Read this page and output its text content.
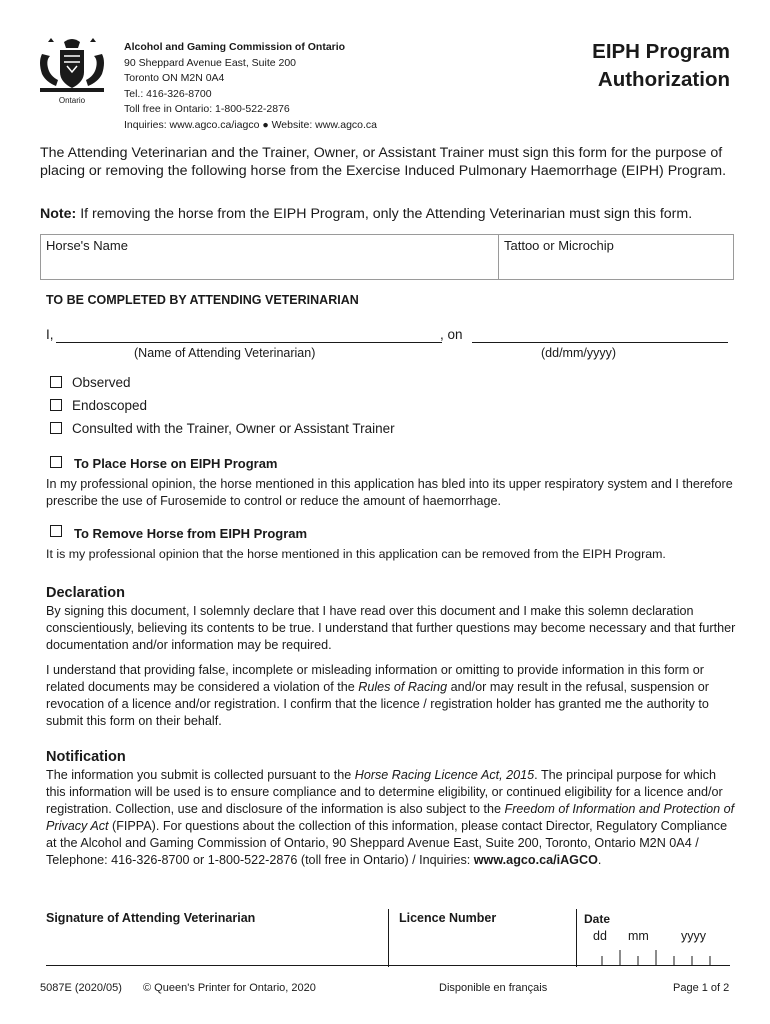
Ontario
Alcohol and Gaming Commission of Ontario
90 Sheppard Avenue East, Suite 200
Toronto ON M2N 0A4
Tel.: 416-326-8700
Toll free in Ontario: 1-800-522-2876
Inquiries: www.agco.ca/iagco ● Website: www.agco.ca
EIPH Program
Authorization
The Attending Veterinarian and the Trainer, Owner, or Assistant Trainer must sign this form for the purpose of placing or removing the following horse from the Exercise Induced Pulmonary Haemorrhage (EIPH) Program.
Note: If removing the horse from the EIPH Program, only the Attending Veterinarian must sign this form.
Horse's Name	Tattoo or Microchip
TO BE COMPLETED BY ATTENDING VETERINARIAN
I,	, on
(Name of Attending Veterinarian)	(dd/mm/yyyy)
Observed
Endoscoped
Consulted with the Trainer, Owner or Assistant Trainer
To Place Horse on EIPH Program
In my professional opinion, the horse mentioned in this application has bled into its upper respiratory system and I therefore prescribe the use of Furosemide to control or reduce the amount of haemorrhage.
To Remove Horse from EIPH Program
It is my professional opinion that the horse mentioned in this application can be removed from the EIPH Program.
Declaration
By signing this document, I solemnly declare that I have read over this document and I make this solemn declaration conscientiously, believing its contents to be true. I understand that further questions may become necessary and that further documentation and/or information may be required.
I understand that providing false, incomplete or misleading information or omitting to provide information in this form or related documents may be considered a violation of the Rules of Racing and/or may result in the refusal, suspension or revocation of a licence and/or registration. I confirm that the licence / registration holder has granted me the authority to submit this form on their behalf.
Notification
The information you submit is collected pursuant to the Horse Racing Licence Act, 2015. The principal purpose for which this information will be used is to ensure compliance and to determine eligibility, or continued eligibility for a licence and/or registration. Collection, use and disclosure of the information is also subject to the Freedom of Information and Protection of Privacy Act (FIPPA). For questions about the collection of this information, please contact Director, Regulatory Compliance at the Alcohol and Gaming Commission of Ontario, 90 Sheppard Avenue East, Suite 200, Toronto, Ontario M2N 0A4 / Telephone: 416-326-8700 or 1-800-522-2876 (toll free in Ontario) / Inquiries: www.agco.ca/iAGCO.
Signature of Attending Veterinarian	Licence Number	Date
dd mm	yyyy
5087E (2020/05) © Queen's Printer for Ontario, 2020	Disponible en français	Page 1 of 2
